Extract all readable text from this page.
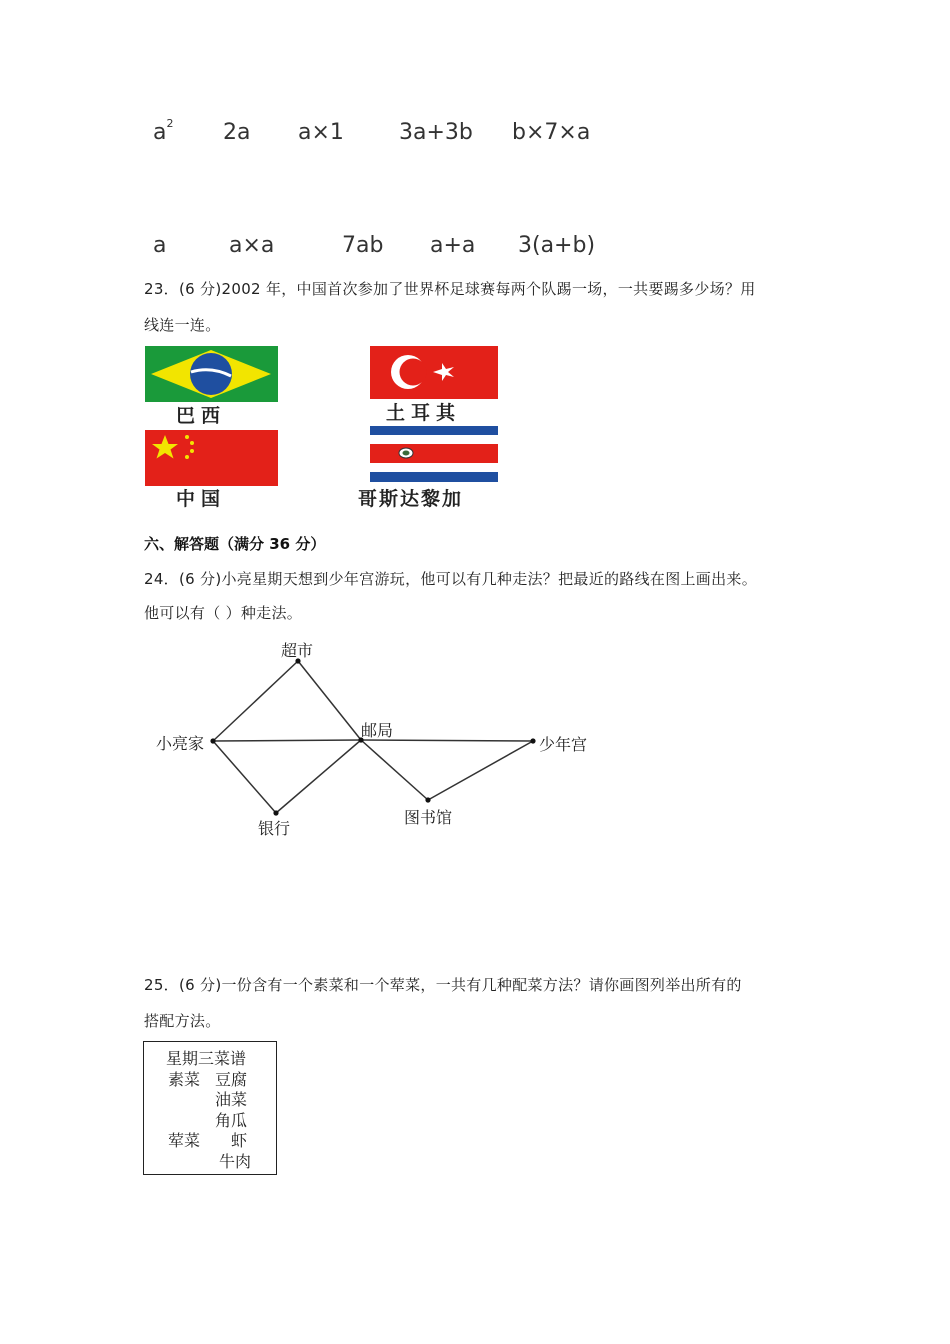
$a^2$ 2a a×1	3a+3b b×7×a
a	a×a	7ab a+a 3(a+b)
23．(6 分)2002 年，中国首次参加了世界杯足球赛每两个队踢一场，一共要踢多少场？用
线连一连。
巴西	土耳其
中国	哥斯达黎加
六、解答题（满分 36 分）
24．(6 分)小亮星期天想到少年宫游玩，他可以有几种走法？把最近的路线在图上画出来。
他可以有（ ）种走法。
超市
小亮家
邮局
少年宫
银行
图书馆
25．(6 分)一份含有一个素菜和一个荤菜，一共有几种配菜方法？请你画图列举出所有的
搭配方法。
星期三菜谱
素菜 豆腐
油菜
角瓜
荤菜 虾
牛肉
